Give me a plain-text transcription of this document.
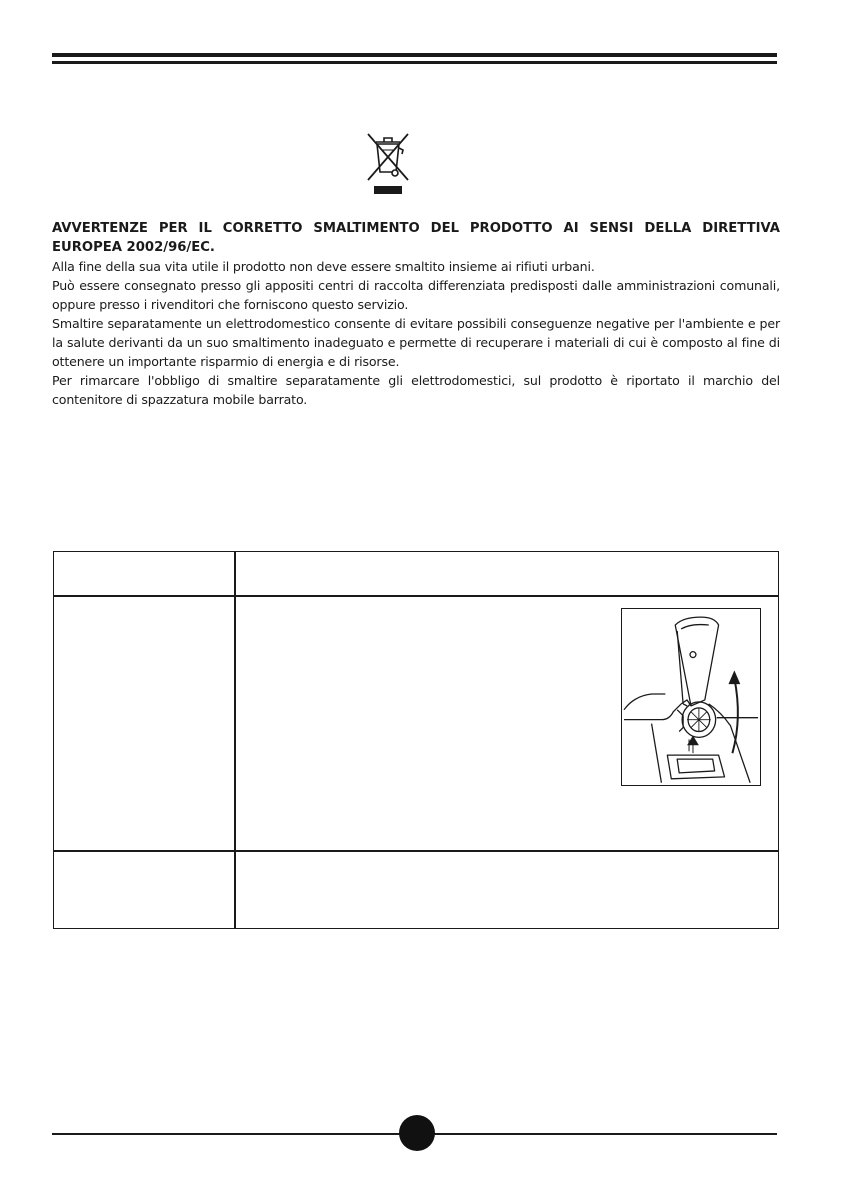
AVVERTENZE PER IL CORRETTO SMALTIMENTO DEL PRODOTTO AI SENSI DELLA DIRETTIVA EUROPEA 2002/96/EC.

Alla fine della sua vita utile il prodotto non deve essere smaltito insieme ai rifiuti urbani.

Può essere consegnato presso gli appositi centri di raccolta differenziata predisposti dalle amministrazioni comunali, oppure presso i rivenditori che forniscono questo servizio.

Smaltire separatamente un elettrodomestico consente di evitare possibili conseguenze negative per l'ambiente e per la salute derivanti da un suo smaltimento inadeguato e permette di recuperare i materiali di cui è composto al fine di ottenere un importante risparmio di energia e di risorse.

Per rimarcare l'obbligo di smaltire separatamente gli elettrodomestici, sul prodotto è riportato il marchio del contenitore di spazzatura mobile barrato.
